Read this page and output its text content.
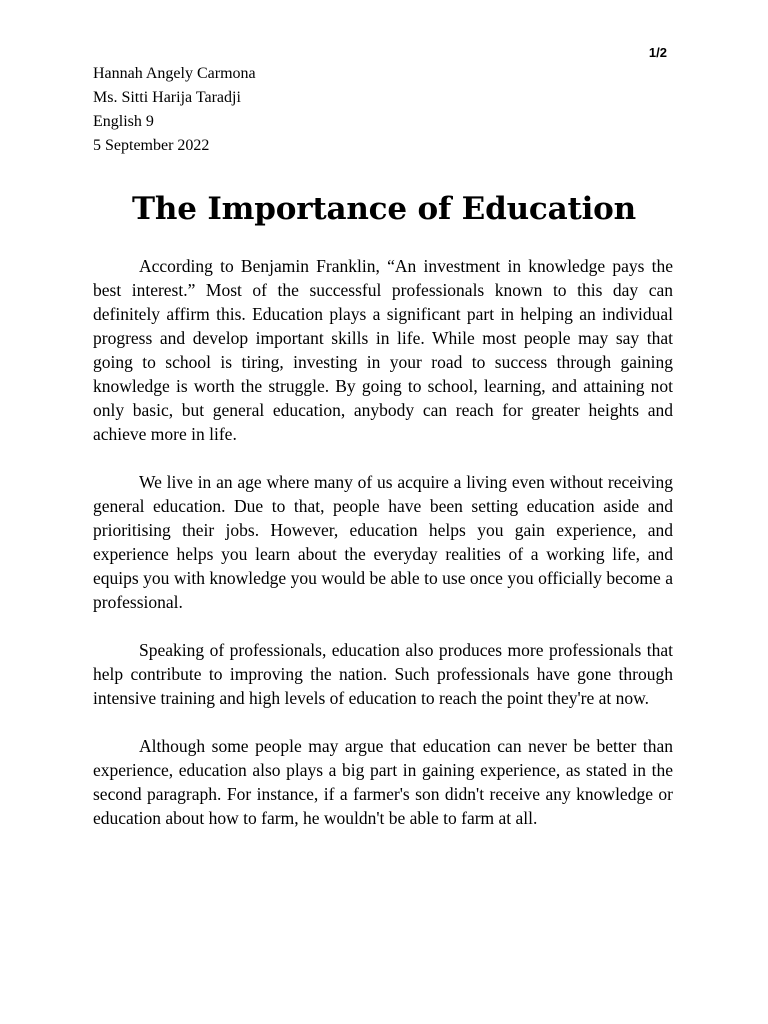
1/2
Hannah Angely Carmona
Ms. Sitti Harija Taradji
English 9
5 September 2022
The Importance of Education

According to Benjamin Franklin, “An investment in knowledge pays the best interest.” Most of the successful professionals known to this day can definitely affirm this. Education plays a significant part in helping an individual progress and develop important skills in life. While most people may say that going to school is tiring, investing in your road to success through gaining knowledge is worth the struggle. By going to school, learning, and attaining not only basic, but general education, anybody can reach for greater heights and achieve more in life.

We live in an age where many of us acquire a living even without receiving general education. Due to that, people have been setting education aside and prioritising their jobs. However, education helps you gain experience, and experience helps you learn about the everyday realities of a working life, and equips you with knowledge you would be able to use once you officially become a professional.

Speaking of professionals, education also produces more professionals that help contribute to improving the nation. Such professionals have gone through intensive training and high levels of education to reach the point they're at now.

Although some people may argue that education can never be better than experience, education also plays a big part in gaining experience, as stated in the second paragraph. For instance, if a farmer's son didn't receive any knowledge or education about how to farm, he wouldn't be able to farm at all.
